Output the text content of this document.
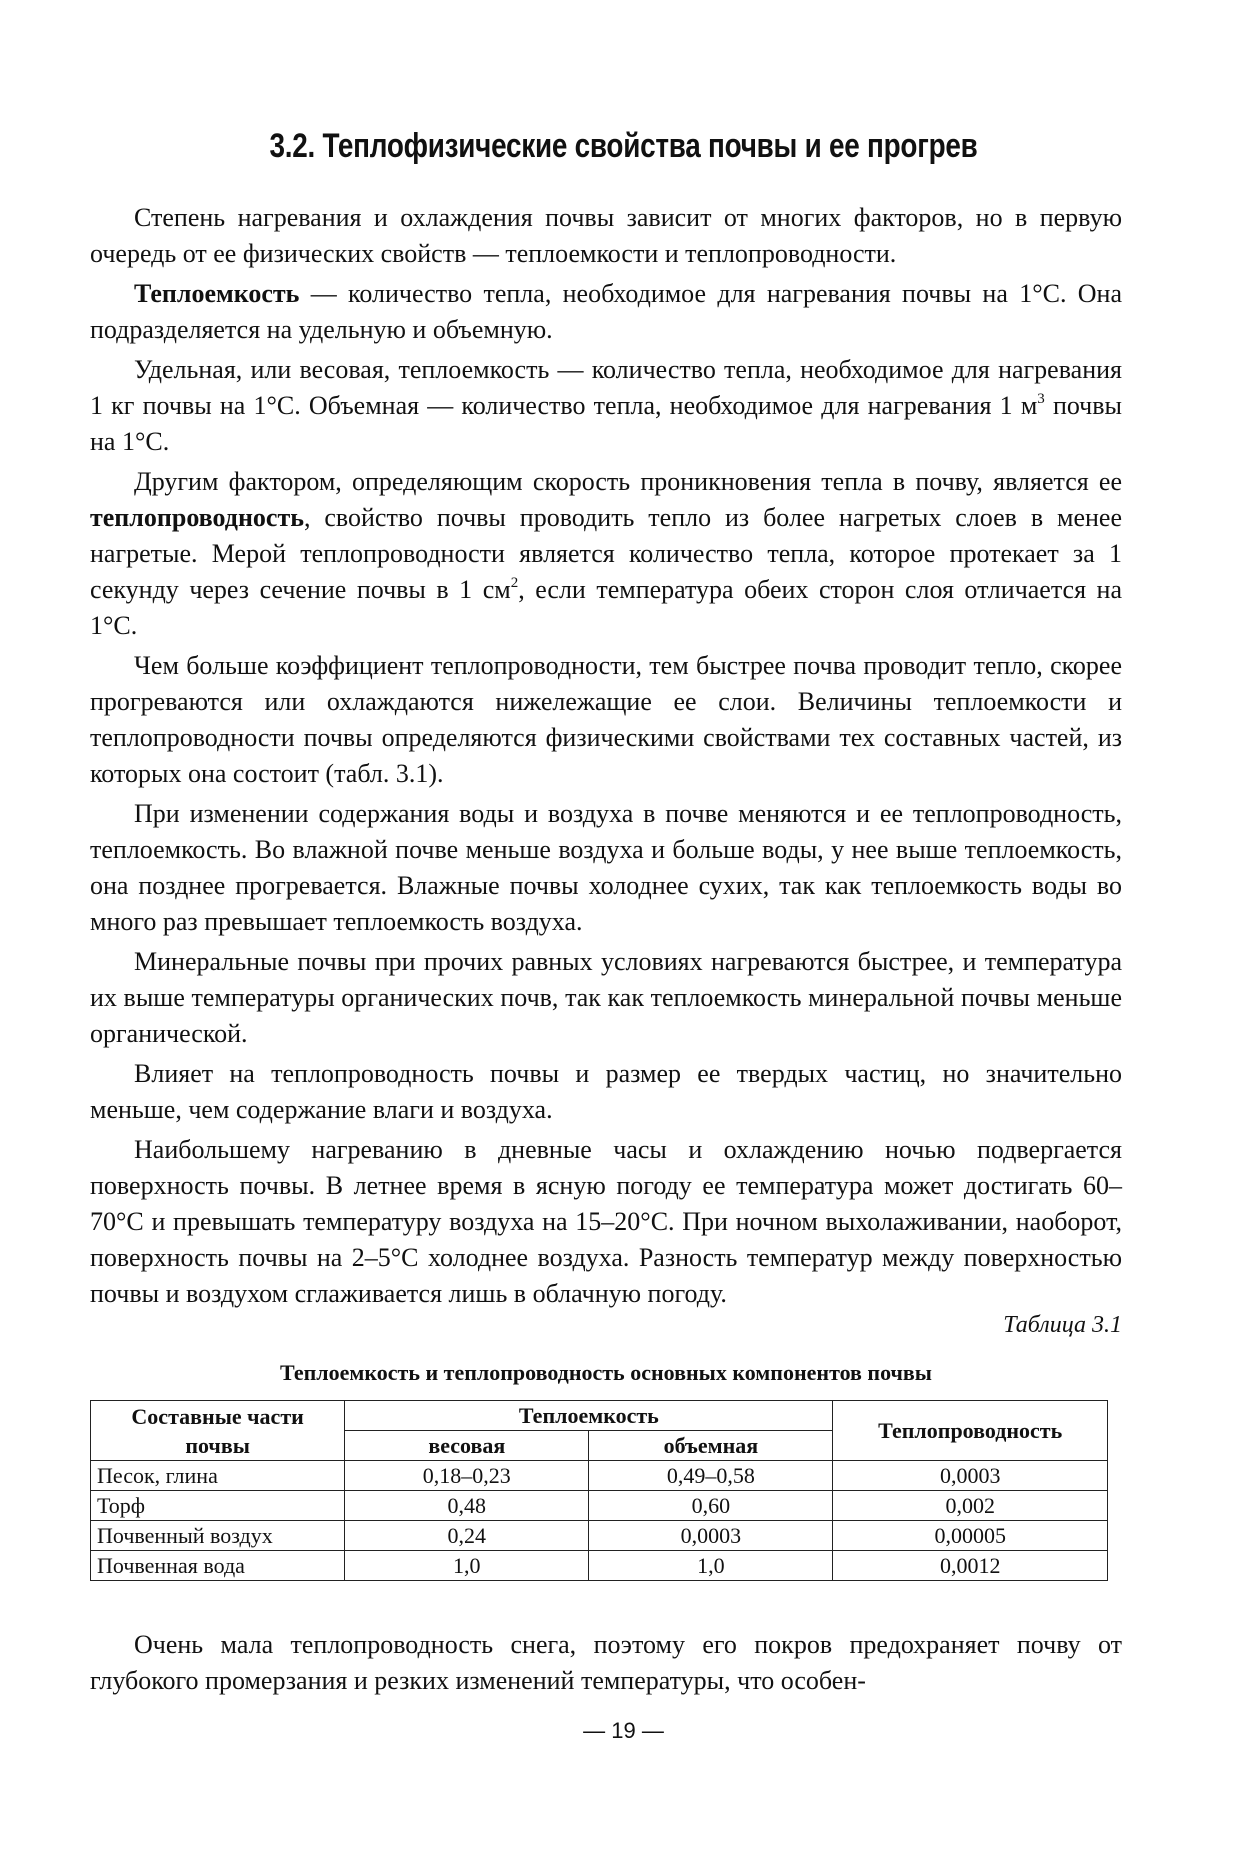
3.2. Теплофизические свойства почвы и ее прогрев

Степень нагревания и охлаждения почвы зависит от многих факторов, но в первую очередь от ее физических свойств — теплоемкости и теплопроводности.

Теплоемкость — количество тепла, необходимое для нагревания почвы на 1°С. Она подразделяется на удельную и объемную.

Удельная, или весовая, теплоемкость — количество тепла, необходимое для нагревания 1 кг почвы на 1°С. Объемная — количество тепла, необходимое для нагревания 1 $м^3$ почвы на 1°С.

Другим фактором, определяющим скорость проникновения тепла в почву, является ее теплопроводность, свойство почвы проводить тепло из более нагретых слоев в менее нагретые. Мерой теплопроводности является количество тепла, которое протекает за 1 секунду через сечение почвы в 1 $см^2$, если температура обеих сторон слоя отличается на 1°С.

Чем больше коэффициент теплопроводности, тем быстрее почва проводит тепло, скорее прогреваются или охлаждаются нижележащие ее слои. Величины теплоемкости и теплопроводности почвы определяются физическими свойствами тех составных частей, из которых она состоит (табл. 3.1).

При изменении содержания воды и воздуха в почве меняются и ее теплопроводность, теплоемкость. Во влажной почве меньше воздуха и больше воды, у нее выше теплоемкость, она позднее прогревается. Влажные почвы холоднее сухих, так как теплоемкость воды во много раз превышает теплоемкость воздуха.

Минеральные почвы при прочих равных условиях нагреваются быстрее, и температура их выше температуры органических почв, так как теплоемкость минеральной почвы меньше органической.

Влияет на теплопроводность почвы и размер ее твердых частиц, но значительно меньше, чем содержание влаги и воздуха.

Наибольшему нагреванию в дневные часы и охлаждению ночью подвергается поверхность почвы. В летнее время в ясную погоду ее температура может достигать 60–70°С и превышать температуру воздуха на 15–20°С. При ночном выхолаживании, наоборот, поверхность почвы на 2–5°С холоднее воздуха. Разность температур между поверхностью почвы и воздухом сглаживается лишь в облачную погоду.

Таблица 3.1
Теплоемкость и теплопроводность основных компонентов почвы
Составные части почвы	Теплоемкость		Теплопроводность
	весовая	объемная	
Песок, глина	0,18–0,23	0,49–0,58	0,0003
Торф	0,48	0,60	0,002
Почвенный воздух	0,24	0,0003	0,00005
Почвенная вода	1,0	1,0	0,0012

Очень мала теплопроводность снега, поэтому его покров предохраняет почву от глубокого промерзания и резких изменений температуры, что особен-

— 19 —
